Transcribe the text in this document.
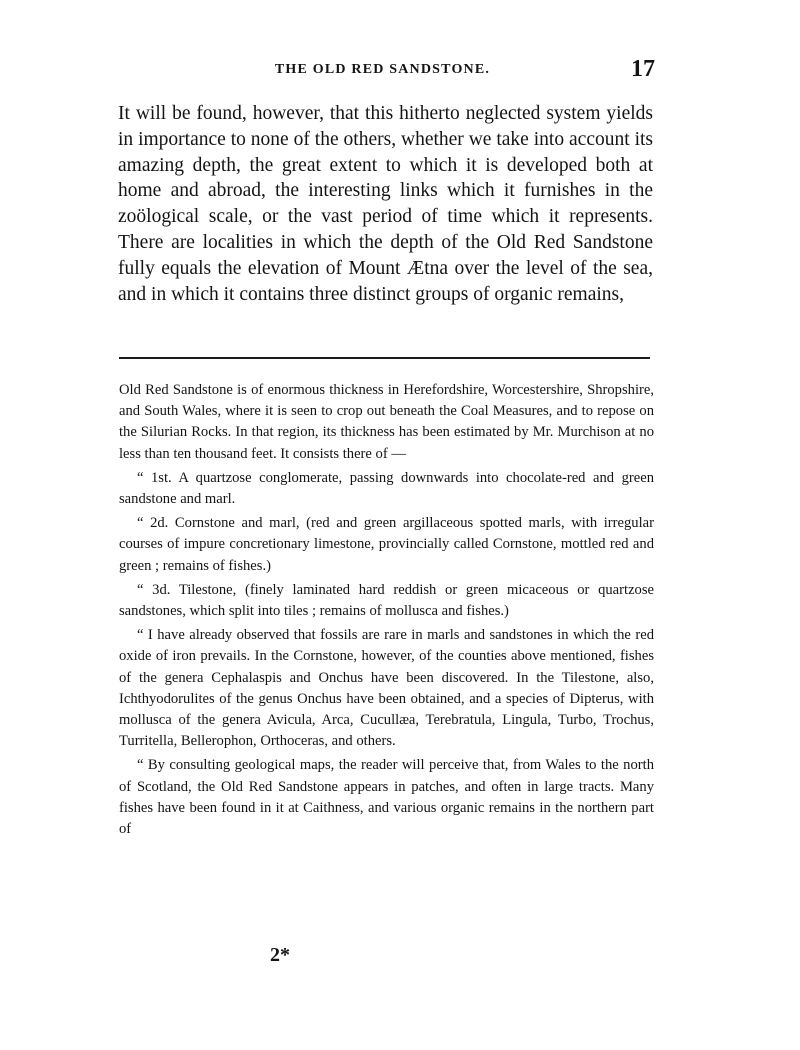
THE OLD RED SANDSTONE.	17

It will be found, however, that this hitherto neglected system yields in importance to none of the others, whether we take into account its amazing depth, the great extent to which it is developed both at home and abroad, the interesting links which it furnishes in the zoölogical scale, or the vast period of time which it represents. There are localities in which the depth of the Old Red Sandstone fully equals the elevation of Mount Ætna over the level of the sea, and in which it contains three distinct groups of organic remains,

Old Red Sandstone is of enormous thickness in Herefordshire, Worcestershire, Shropshire, and South Wales, where it is seen to crop out beneath the Coal Measures, and to repose on the Silurian Rocks. In that region, its thickness has been estimated by Mr. Murchison at no less than ten thousand feet. It consists there of —

“ 1st. A quartzose conglomerate, passing downwards into chocolate-red and green sandstone and marl.

“ 2d. Cornstone and marl, (red and green argillaceous spotted marls, with irregular courses of impure concretionary limestone, provincially called Cornstone, mottled red and green ; remains of fishes.)

“ 3d. Tilestone, (finely laminated hard reddish or green micaceous or quartzose sandstones, which split into tiles ; remains of mollusca and fishes.)

“ I have already observed that fossils are rare in marls and sandstones in which the red oxide of iron prevails. In the Cornstone, however, of the counties above mentioned, fishes of the genera Cephalaspis and Onchus have been discovered. In the Tilestone, also, Ichthyodorulites of the genus Onchus have been obtained, and a species of Dipterus, with mollusca of the genera Avicula, Arca, Cucullæa, Terebratula, Lingula, Turbo, Trochus, Turritella, Bellerophon, Orthoceras, and others.

“ By consulting geological maps, the reader will perceive that, from Wales to the north of Scotland, the Old Red Sandstone appears in patches, and often in large tracts. Many fishes have been found in it at Caithness, and various organic remains in the northern part of

2*
